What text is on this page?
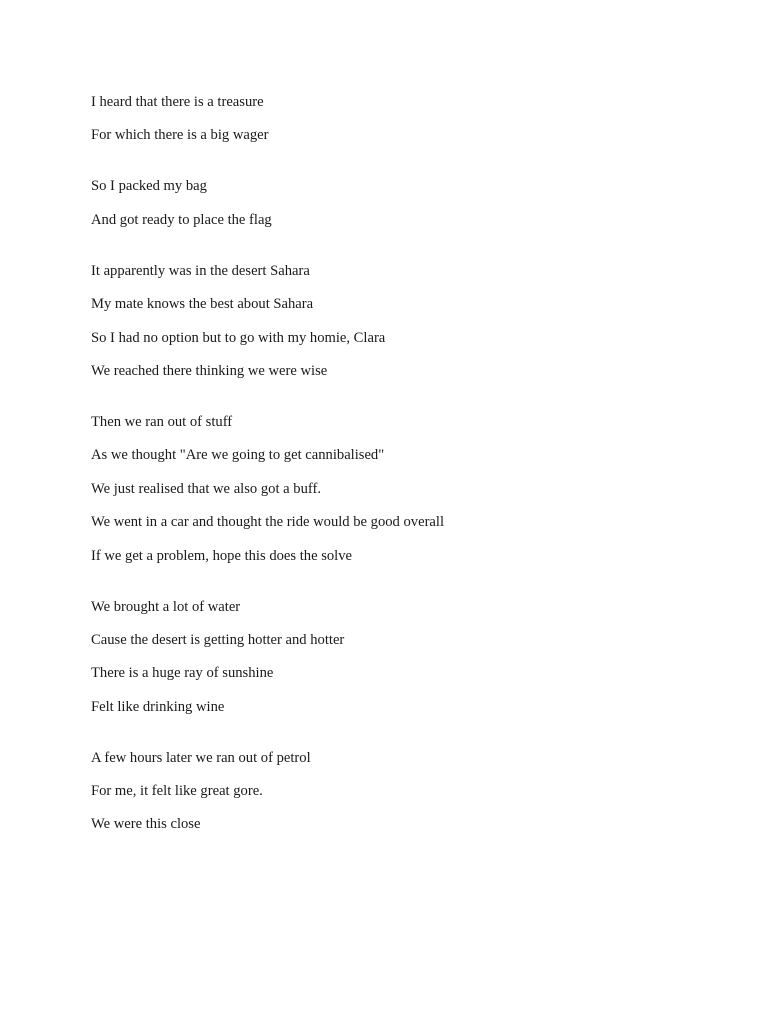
I heard that there is a treasure
For which there is a big wager
So I packed my bag
And got ready to place the flag
It apparently was in the desert Sahara
My mate knows the best about Sahara
So I had no option but to go with my homie, Clara
We reached there thinking we were wise
Then we ran out of stuff
As we thought "Are we going to get cannibalised"
We just realised that we also got a buff.
We went in a car and thought the ride would be good overall
If we get a problem, hope this does the solve
We brought a lot of water
Cause the desert is getting hotter and hotter
There is a huge ray of sunshine
Felt like drinking wine
A few hours later we ran out of petrol
For me, it felt like great gore.
We were this close
